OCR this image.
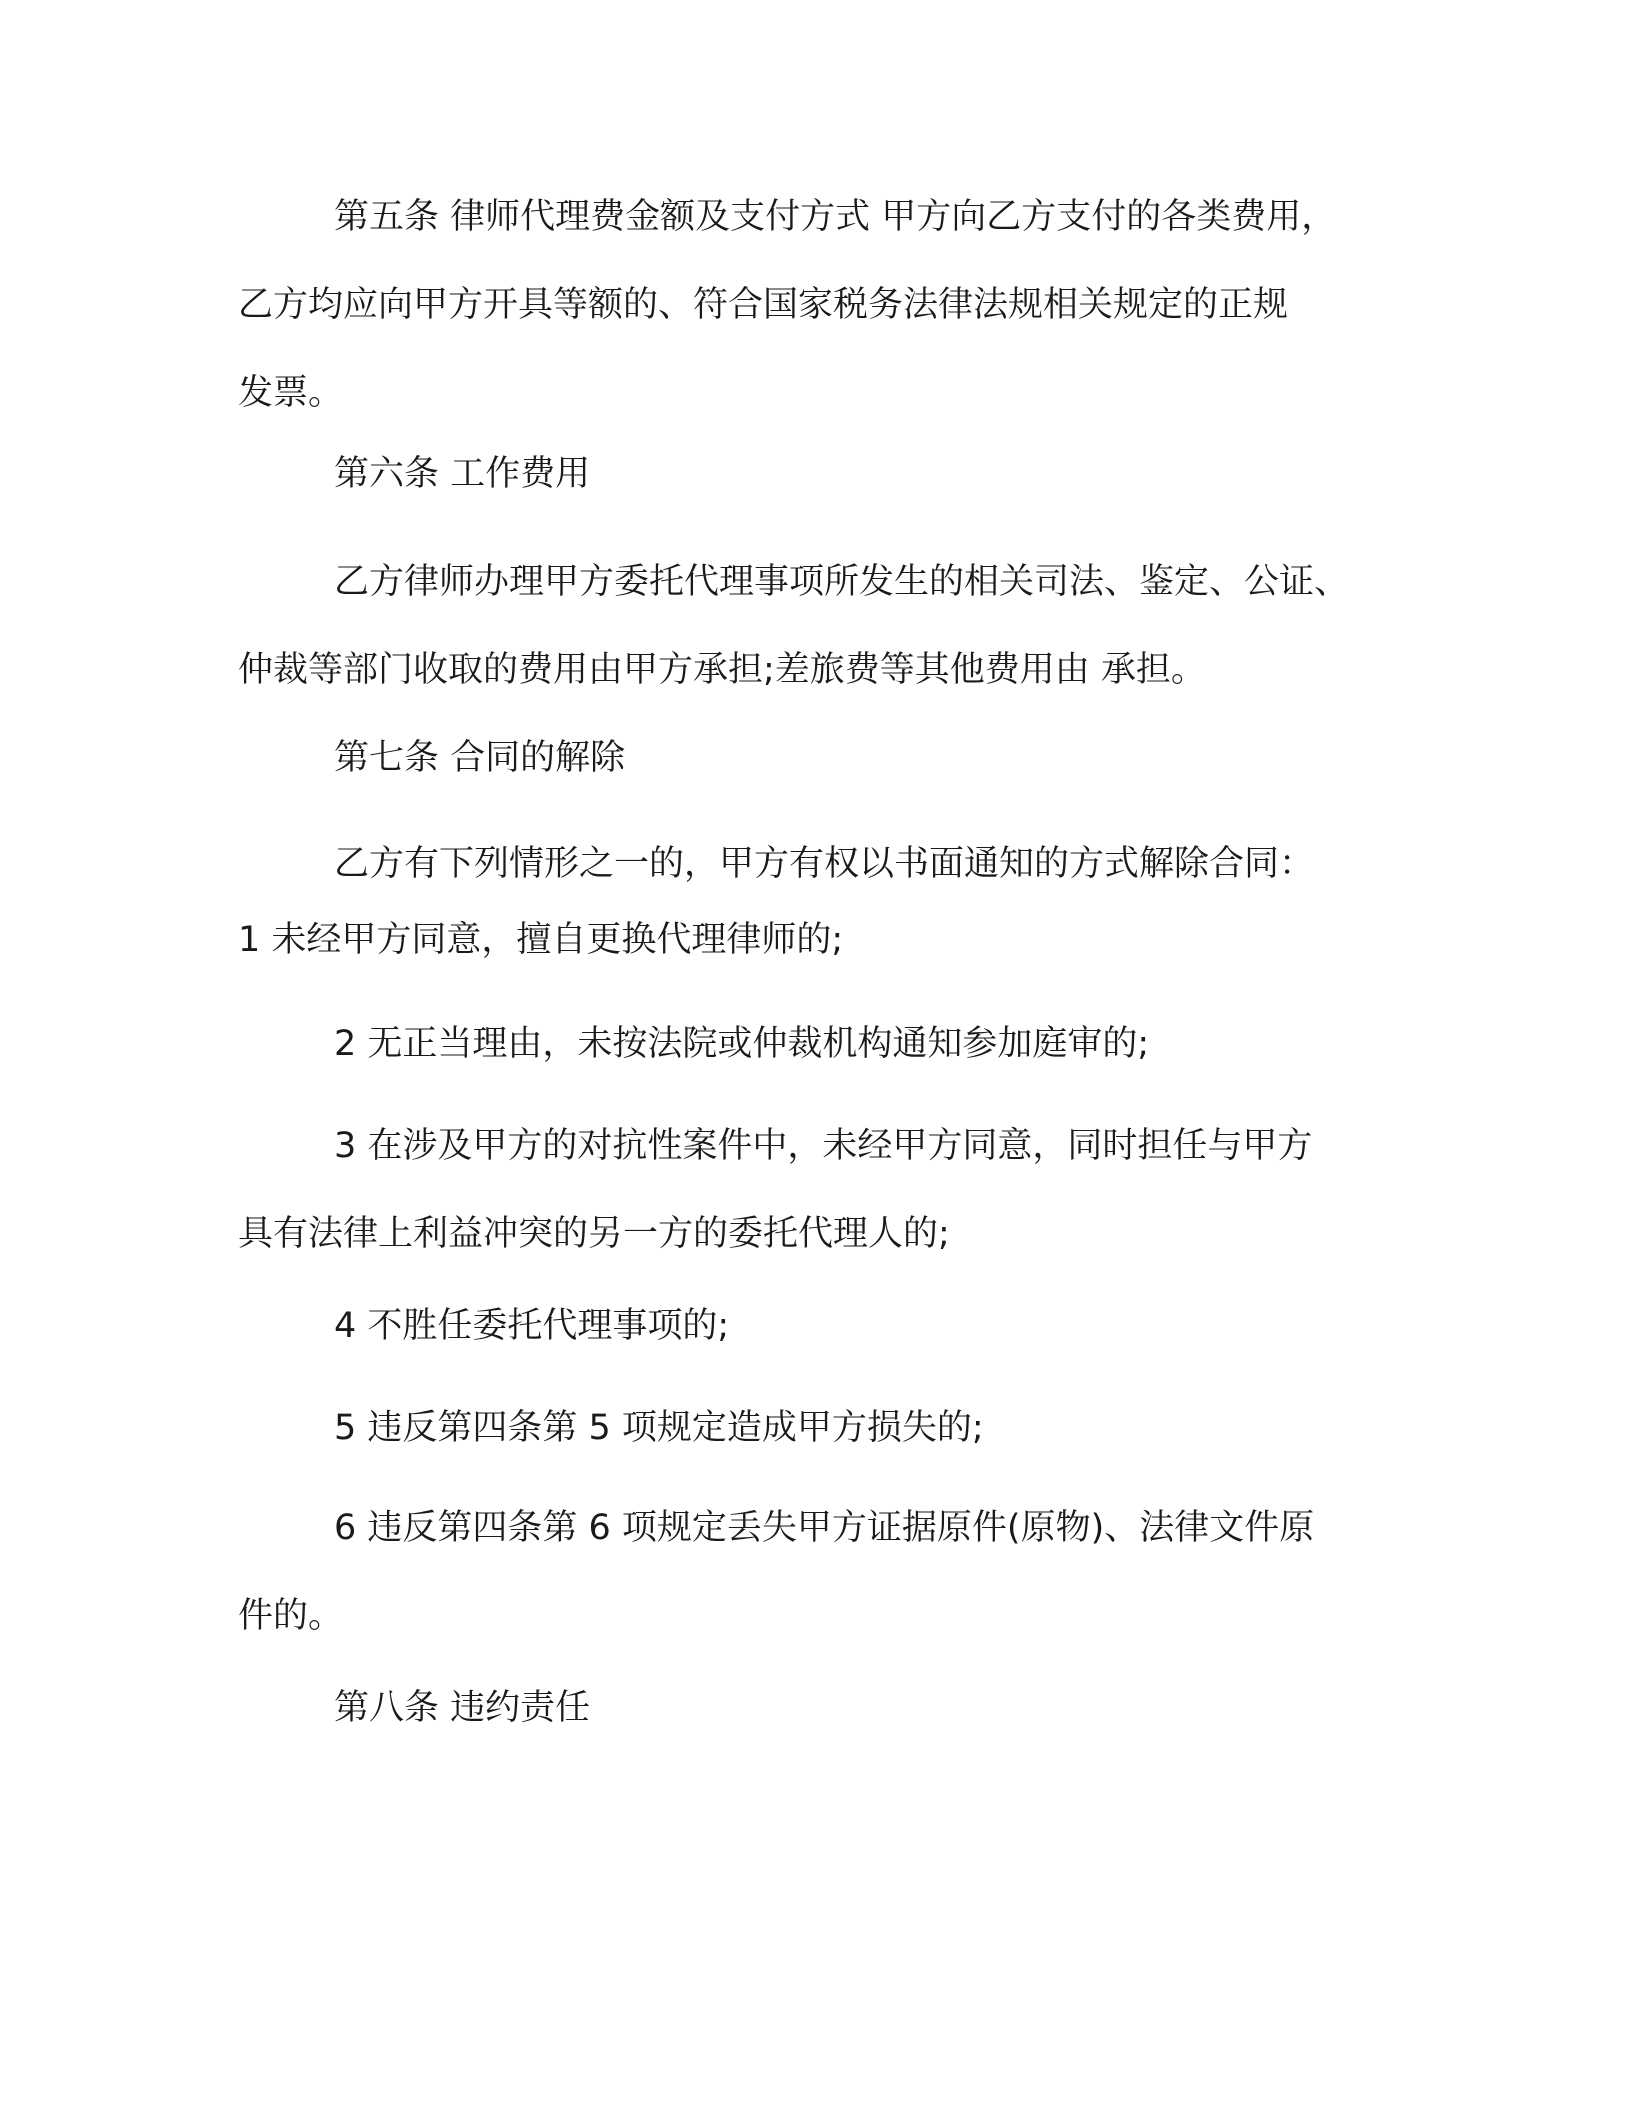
第五条 律师代理费金额及支付方式 甲方向乙方支付的各类费用，
乙方均应向甲方开具等额的、符合国家税务法律法规相关规定的正规
发票。

第六条 工作费用

乙方律师办理甲方委托代理事项所发生的相关司法、鉴定、公证、
仲裁等部门收取的费用由甲方承担;差旅费等其他费用由 承担。

第七条 合同的解除

乙方有下列情形之一的，甲方有权以书面通知的方式解除合同：
1 未经甲方同意，擅自更换代理律师的;

2 无正当理由，未按法院或仲裁机构通知参加庭审的;

3 在涉及甲方的对抗性案件中，未经甲方同意，同时担任与甲方
具有法律上利益冲突的另一方的委托代理人的;

4 不胜任委托代理事项的;

5 违反第四条第 5 项规定造成甲方损失的;

6 违反第四条第 6 项规定丢失甲方证据原件(原物)、法律文件原
件的。

第八条 违约责任
